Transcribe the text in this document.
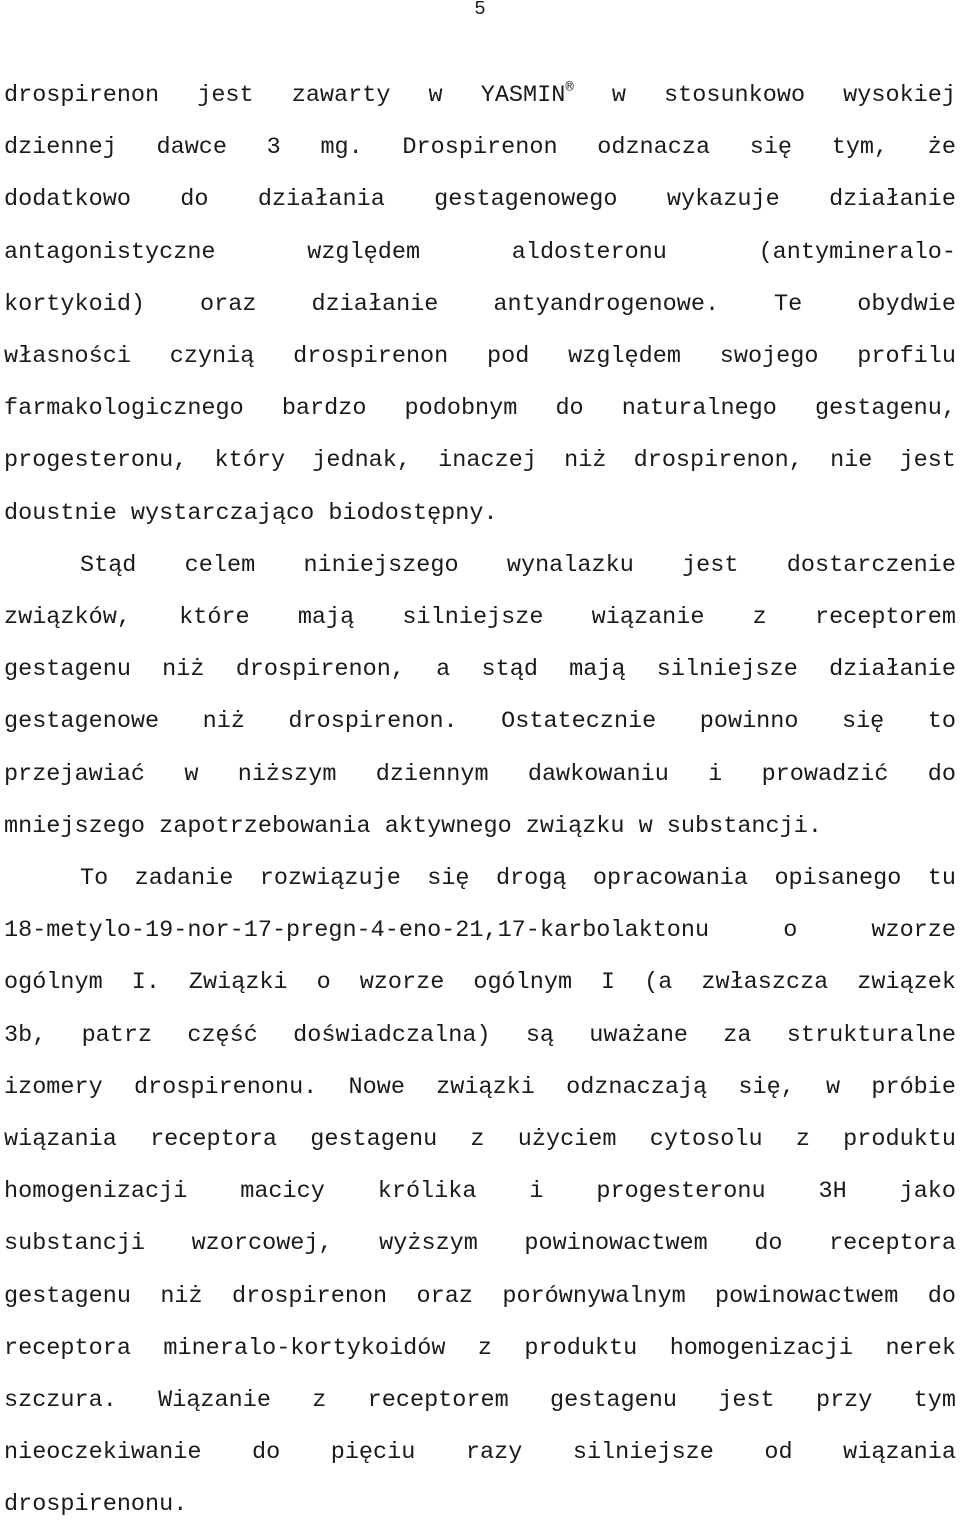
5
drospirenon jest zawarty w YASMIN® w stosunkowo wysokiej
dziennej dawce 3 mg. Drospirenon odznacza się tym, że
dodatkowo do działania gestagenowego wykazuje działanie
antagonistyczne względem aldosteronu (antymineralo-
kortykoid) oraz działanie antyandrogenowe. Te obydwie
własności czynią drospirenon pod względem swojego profilu
farmakologicznego bardzo podobnym do naturalnego gestagenu,
progesteronu, który jednak, inaczej niż drospirenon, nie jest
doustnie wystarczająco biodostępny.
Stąd celem niniejszego wynalazku jest dostarczenie
związków, które mają silniejsze wiązanie z receptorem
gestagenu niż drospirenon, a stąd mają silniejsze działanie
gestagenowe niż drospirenon. Ostatecznie powinno się to
przejawiać w niższym dziennym dawkowaniu i prowadzić do
mniejszego zapotrzebowania aktywnego związku w substancji.
To zadanie rozwiązuje się drogą opracowania opisanego tu
18-metylo-19-nor-17-pregn-4-eno-21,17-karbolaktonu o wzorze
ogólnym I. Związki o wzorze ogólnym I (a zwłaszcza związek
3b, patrz część doświadczalna) są uważane za strukturalne
izomery drospirenonu. Nowe związki odznaczają się, w próbie
wiązania receptora gestagenu z użyciem cytosolu z produktu
homogenizacji macicy królika i progesteronu 3H jako
substancji wzorcowej, wyższym powinowactwem do receptora
gestagenu niż drospirenon oraz porównywalnym powinowactwem do
receptora mineralo-kortykoidów z produktu homogenizacji nerek
szczura. Wiązanie z receptorem gestagenu jest przy tym
nieoczekiwanie do pięciu razy silniejsze od wiązania
drospirenonu.
